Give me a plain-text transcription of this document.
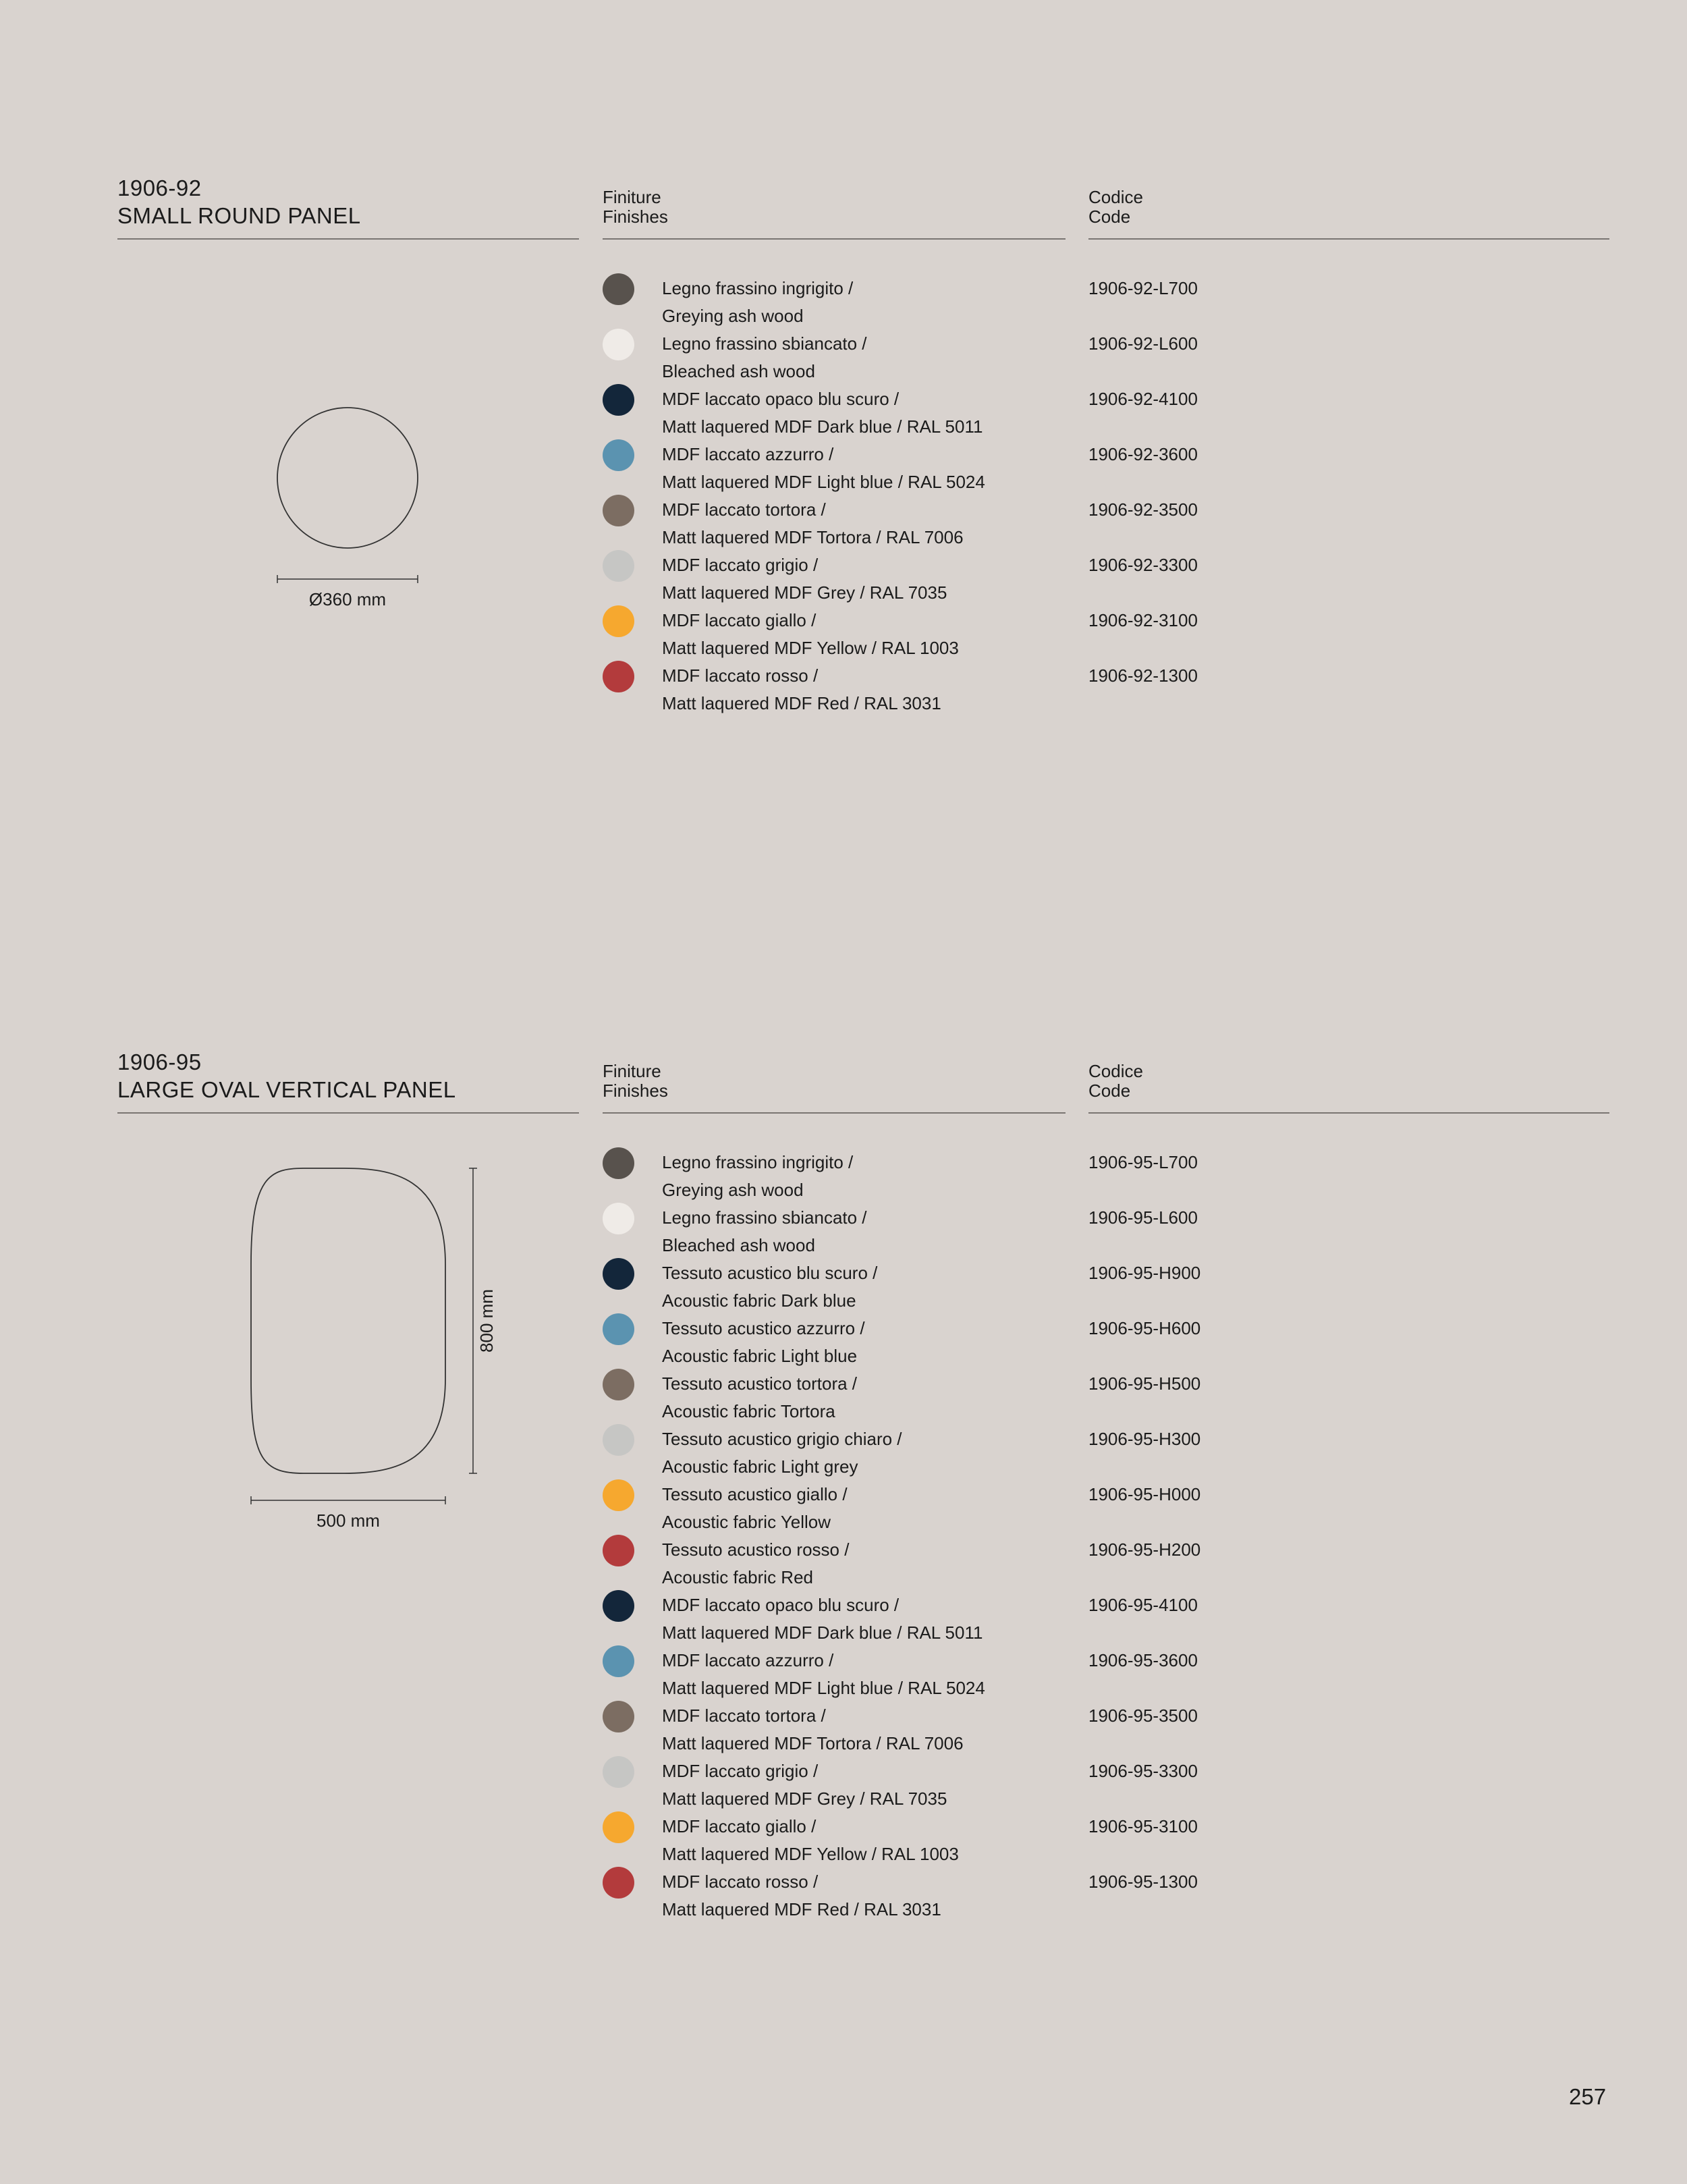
1906-92
SMALL ROUND PANEL
Finiture
Finishes
Codice
Code
Ø360 mm
Legno frassino ingrigito /
Greying ash wood
1906-92-L700
Legno frassino sbiancato /
Bleached ash wood
1906-92-L600
MDF laccato opaco blu scuro /
Matt laquered MDF Dark blue / RAL 5011
1906-92-4100
MDF laccato azzurro /
Matt laquered MDF Light blue / RAL 5024
1906-92-3600
MDF laccato tortora /
Matt laquered MDF Tortora / RAL 7006
1906-92-3500
MDF laccato grigio /
Matt laquered MDF Grey / RAL 7035
1906-92-3300
MDF laccato giallo /
Matt laquered MDF Yellow / RAL 1003
1906-92-3100
MDF laccato rosso /
Matt laquered MDF Red / RAL 3031
1906-92-1300
1906-95
LARGE OVAL VERTICAL PANEL
Finiture
Finishes
Codice
Code
800 mm
500 mm
Legno frassino ingrigito /
Greying ash wood
1906-95-L700
Legno frassino sbiancato /
Bleached ash wood
1906-95-L600
Tessuto acustico blu scuro /
Acoustic fabric Dark blue
1906-95-H900
Tessuto acustico azzurro /
Acoustic fabric Light blue
1906-95-H600
Tessuto acustico tortora /
Acoustic fabric Tortora
1906-95-H500
Tessuto acustico grigio chiaro /
Acoustic fabric Light grey
1906-95-H300
Tessuto acustico giallo /
Acoustic fabric Yellow
1906-95-H000
Tessuto acustico rosso /
Acoustic fabric Red
1906-95-H200
MDF laccato opaco blu scuro /
Matt laquered MDF Dark blue / RAL 5011
1906-95-4100
MDF laccato azzurro /
Matt laquered MDF Light blue / RAL 5024
1906-95-3600
MDF laccato tortora /
Matt laquered MDF Tortora / RAL 7006
1906-95-3500
MDF laccato grigio /
Matt laquered MDF Grey / RAL 7035
1906-95-3300
MDF laccato giallo /
Matt laquered MDF Yellow / RAL 1003
1906-95-3100
MDF laccato rosso /
Matt laquered MDF Red / RAL 3031
1906-95-1300
257
